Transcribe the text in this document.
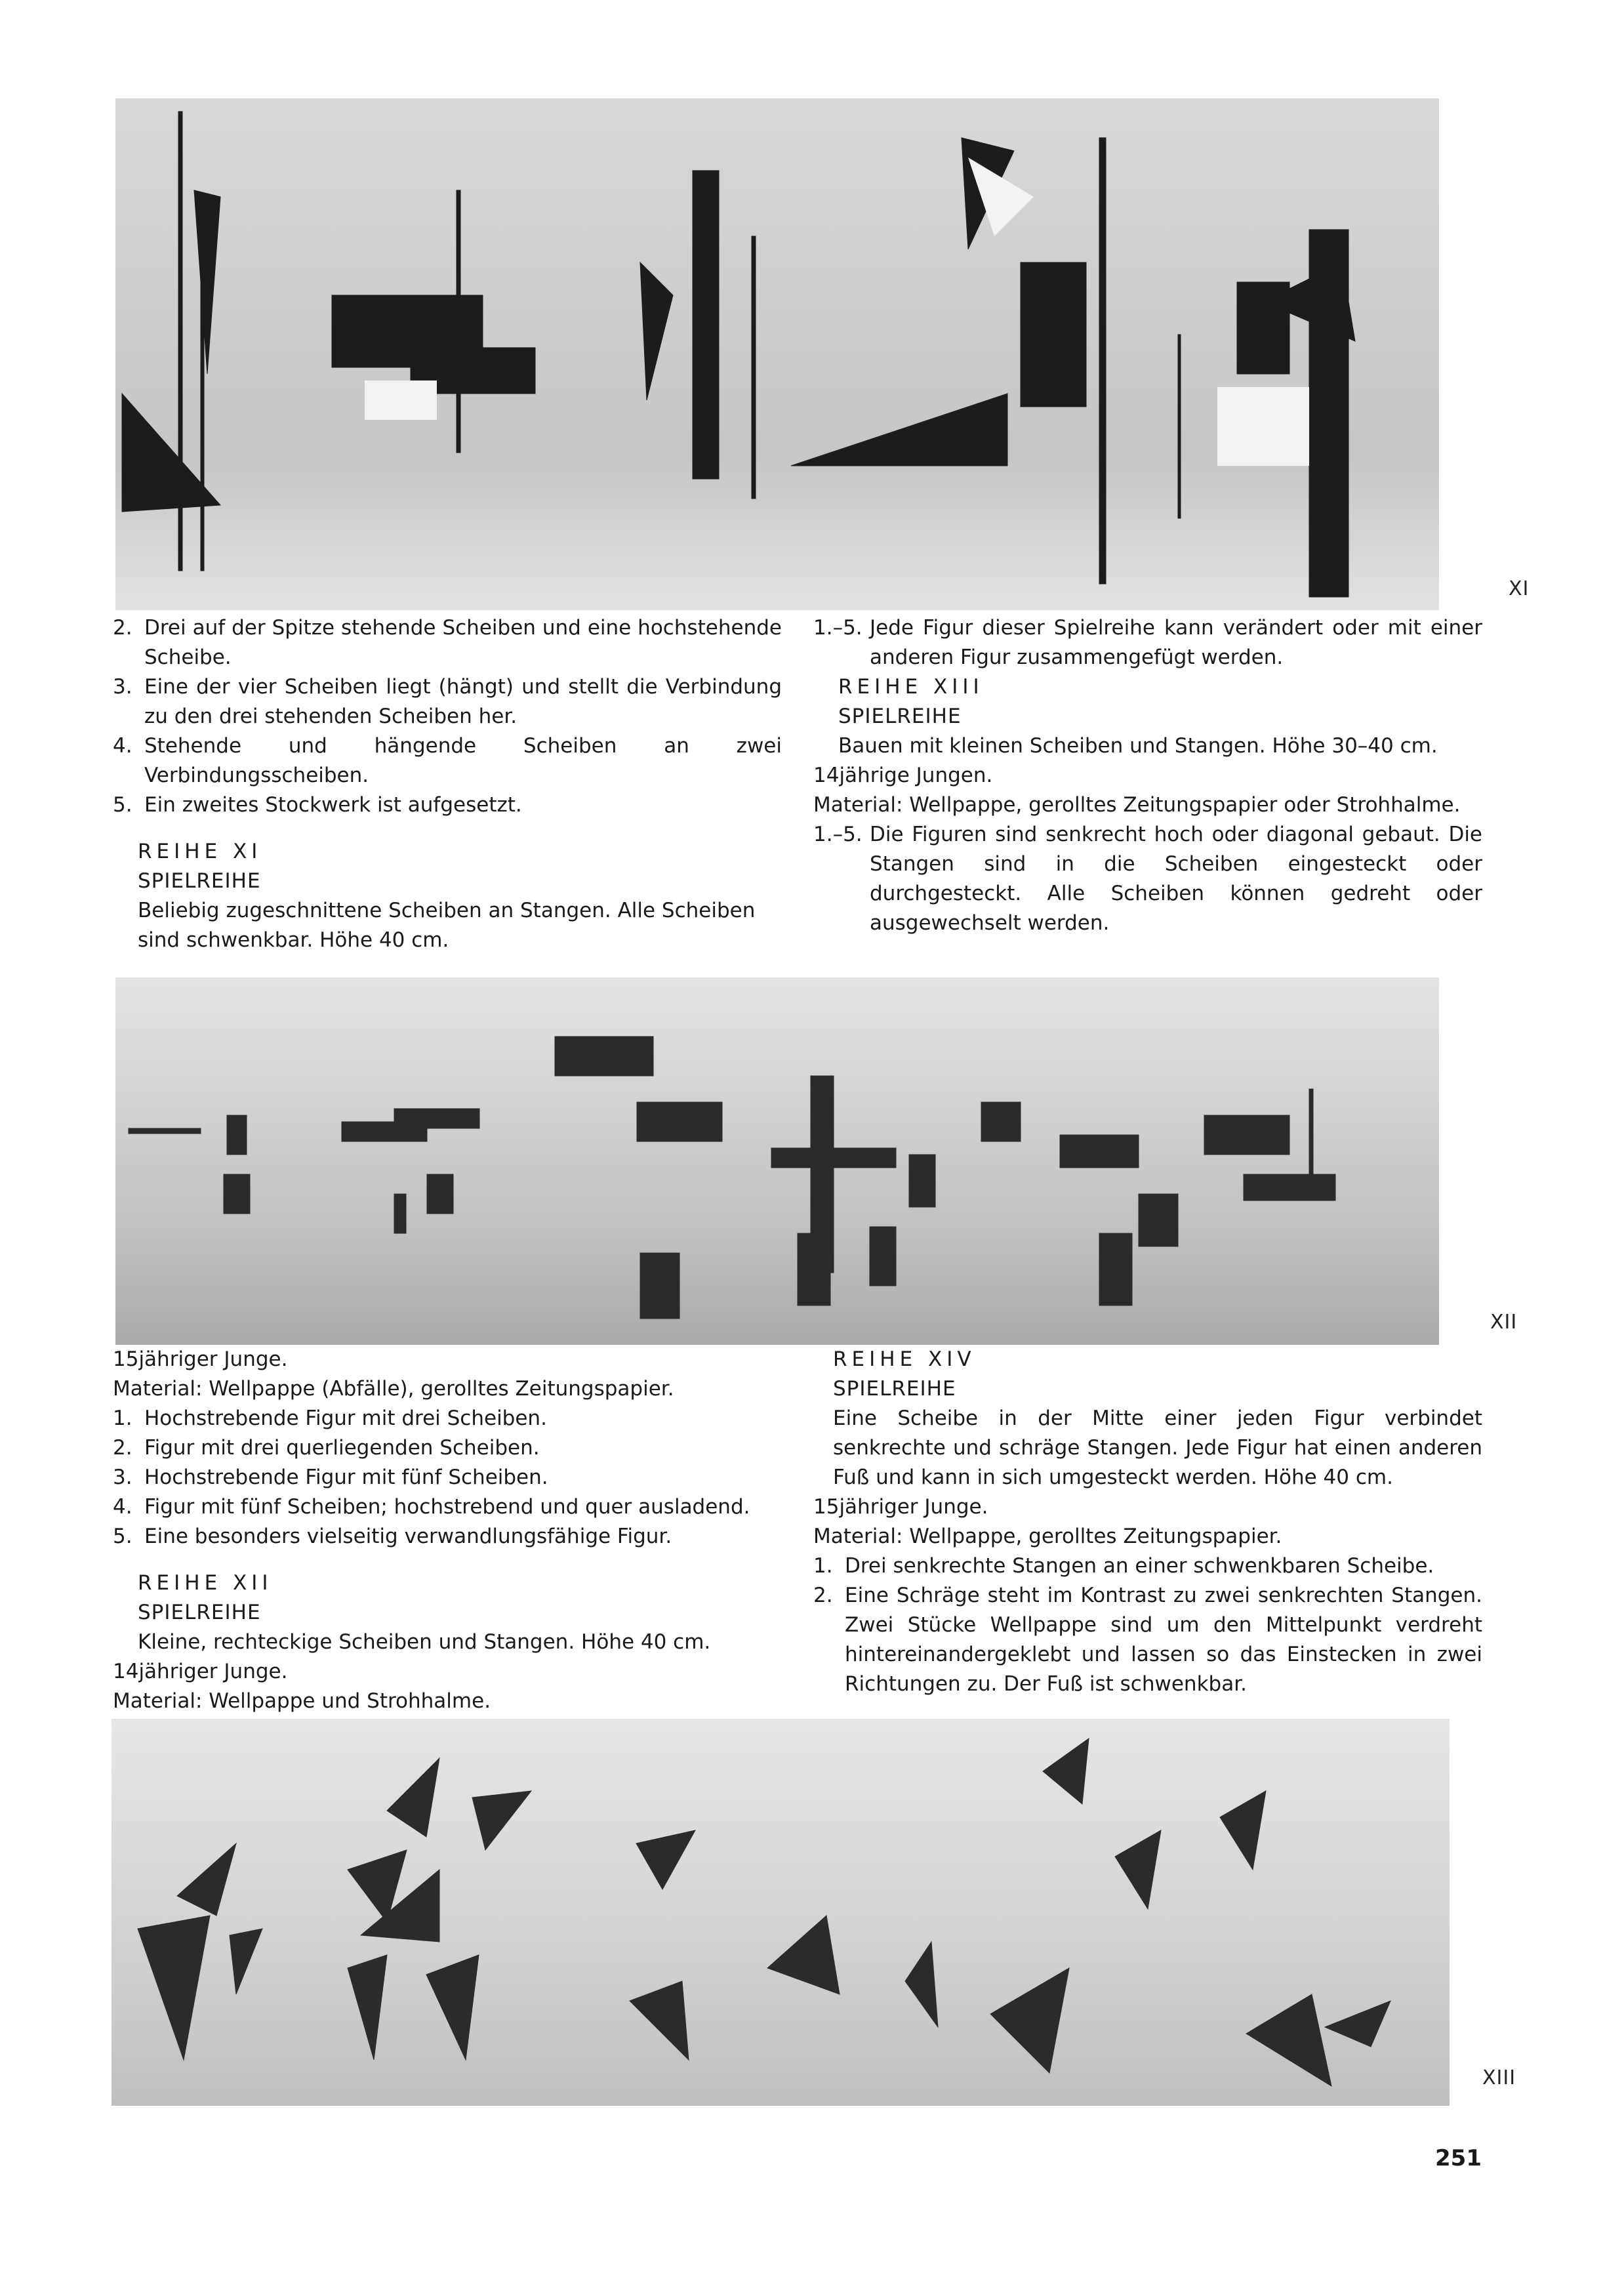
XI
2. Drei auf der Spitze stehende Scheiben und eine hochstehende Scheibe.
3. Eine der vier Scheiben liegt (hängt) und stellt die Verbindung zu den drei stehenden Scheiben her.
4. Stehende und hängende Scheiben an zwei Verbindungsscheiben.
5. Ein zweites Stockwerk ist aufgesetzt.

REIHE XI

SPIELREIHE

Beliebig zugeschnittene Scheiben an Stangen. Alle Scheiben sind schwenkbar. Höhe 40 cm.

1.–5. Jede Figur dieser Spielreihe kann verändert oder mit einer anderen Figur zusammengefügt werden.

REIHE XIII

SPIELREIHE

Bauen mit kleinen Scheiben und Stangen. Höhe 30–40 cm.

14jährige Jungen.

Material: Wellpappe, gerolltes Zeitungspapier oder Strohhalme.

1.–5. Die Figuren sind senkrecht hoch oder diagonal gebaut. Die Stangen sind in die Scheiben eingesteckt oder durchgesteckt. Alle Scheiben können gedreht oder ausgewechselt werden.
XII

15jähriger Junge.

Material: Wellpappe (Abfälle), gerolltes Zeitungspapier.

1. Hochstrebende Figur mit drei Scheiben.
2. Figur mit drei querliegenden Scheiben.
3. Hochstrebende Figur mit fünf Scheiben.
4. Figur mit fünf Scheiben; hochstrebend und quer ausladend.
5. Eine besonders vielseitig verwandlungsfähige Figur.

REIHE XII

SPIELREIHE

Kleine, rechteckige Scheiben und Stangen. Höhe 40 cm.

14jähriger Junge.

Material: Wellpappe und Strohhalme.

REIHE XIV

SPIELREIHE

Eine Scheibe in der Mitte einer jeden Figur verbindet senkrechte und schräge Stangen. Jede Figur hat einen anderen Fuß und kann in sich umgesteckt werden. Höhe 40 cm.

15jähriger Junge.

Material: Wellpappe, gerolltes Zeitungspapier.

1. Drei senkrechte Stangen an einer schwenkbaren Scheibe.
2. Eine Schräge steht im Kontrast zu zwei senkrechten Stangen. Zwei Stücke Wellpappe sind um den Mittelpunkt verdreht hintereinandergeklebt und lassen so das Einstecken in zwei Richtungen zu. Der Fuß ist schwenkbar.
XIII
251
